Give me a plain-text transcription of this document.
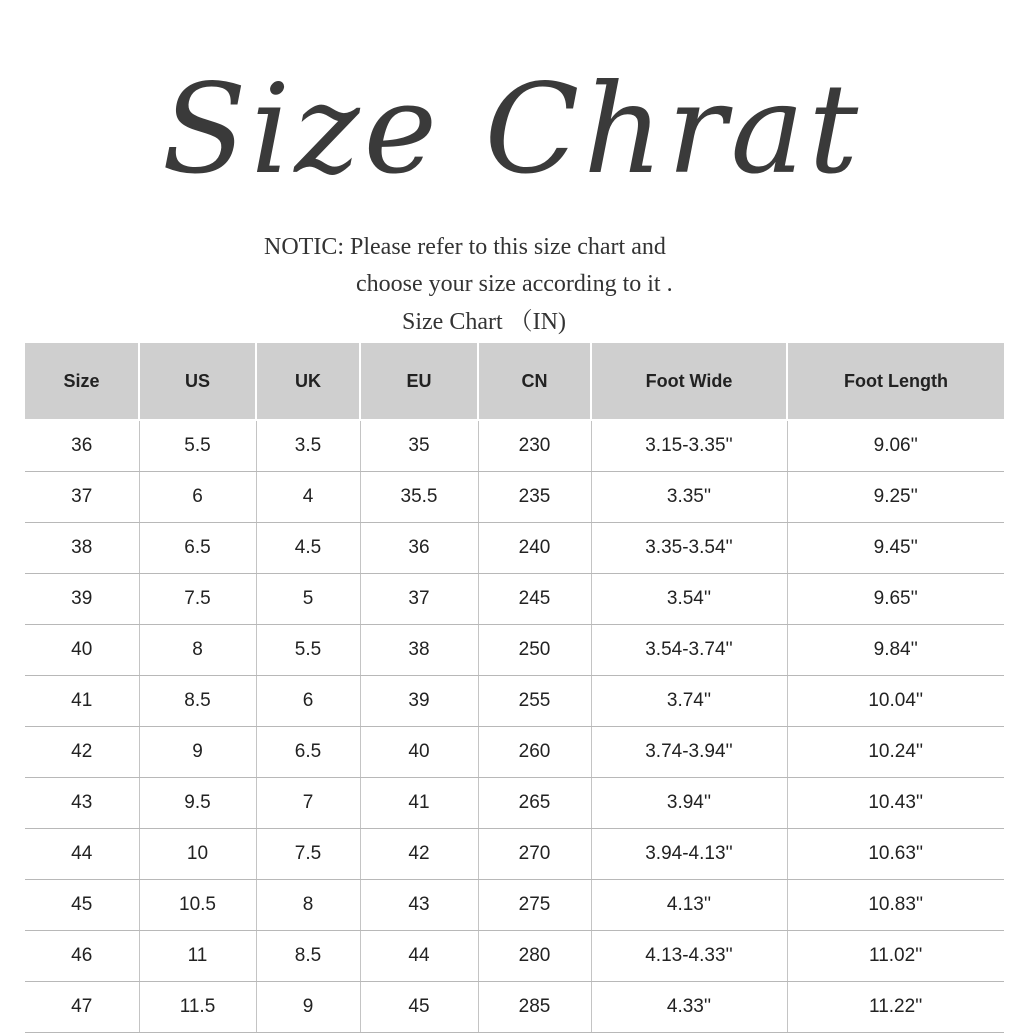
Size Chrat
NOTIC: Please refer to this size chart and
choose your size according to it .
Size Chart （IN)
Size	US	UK	EU	CN	Foot Wide	Foot Length

36	5.5	3.5	35	230	3.15-3.35''	9.06''
37	6	4	35.5	235	3.35''	9.25''
38	6.5	4.5	36	240	3.35-3.54''	9.45''
39	7.5	5	37	245	3.54''	9.65''
40	8	5.5	38	250	3.54-3.74''	9.84''
41	8.5	6	39	255	3.74''	10.04''
42	9	6.5	40	260	3.74-3.94''	10.24''
43	9.5	7	41	265	3.94''	10.43''
44	10	7.5	42	270	3.94-4.13''	10.63''
45	10.5	8	43	275	4.13''	10.83''
46	11	8.5	44	280	4.13-4.33''	11.02''
47	11.5	9	45	285	4.33''	11.22''
